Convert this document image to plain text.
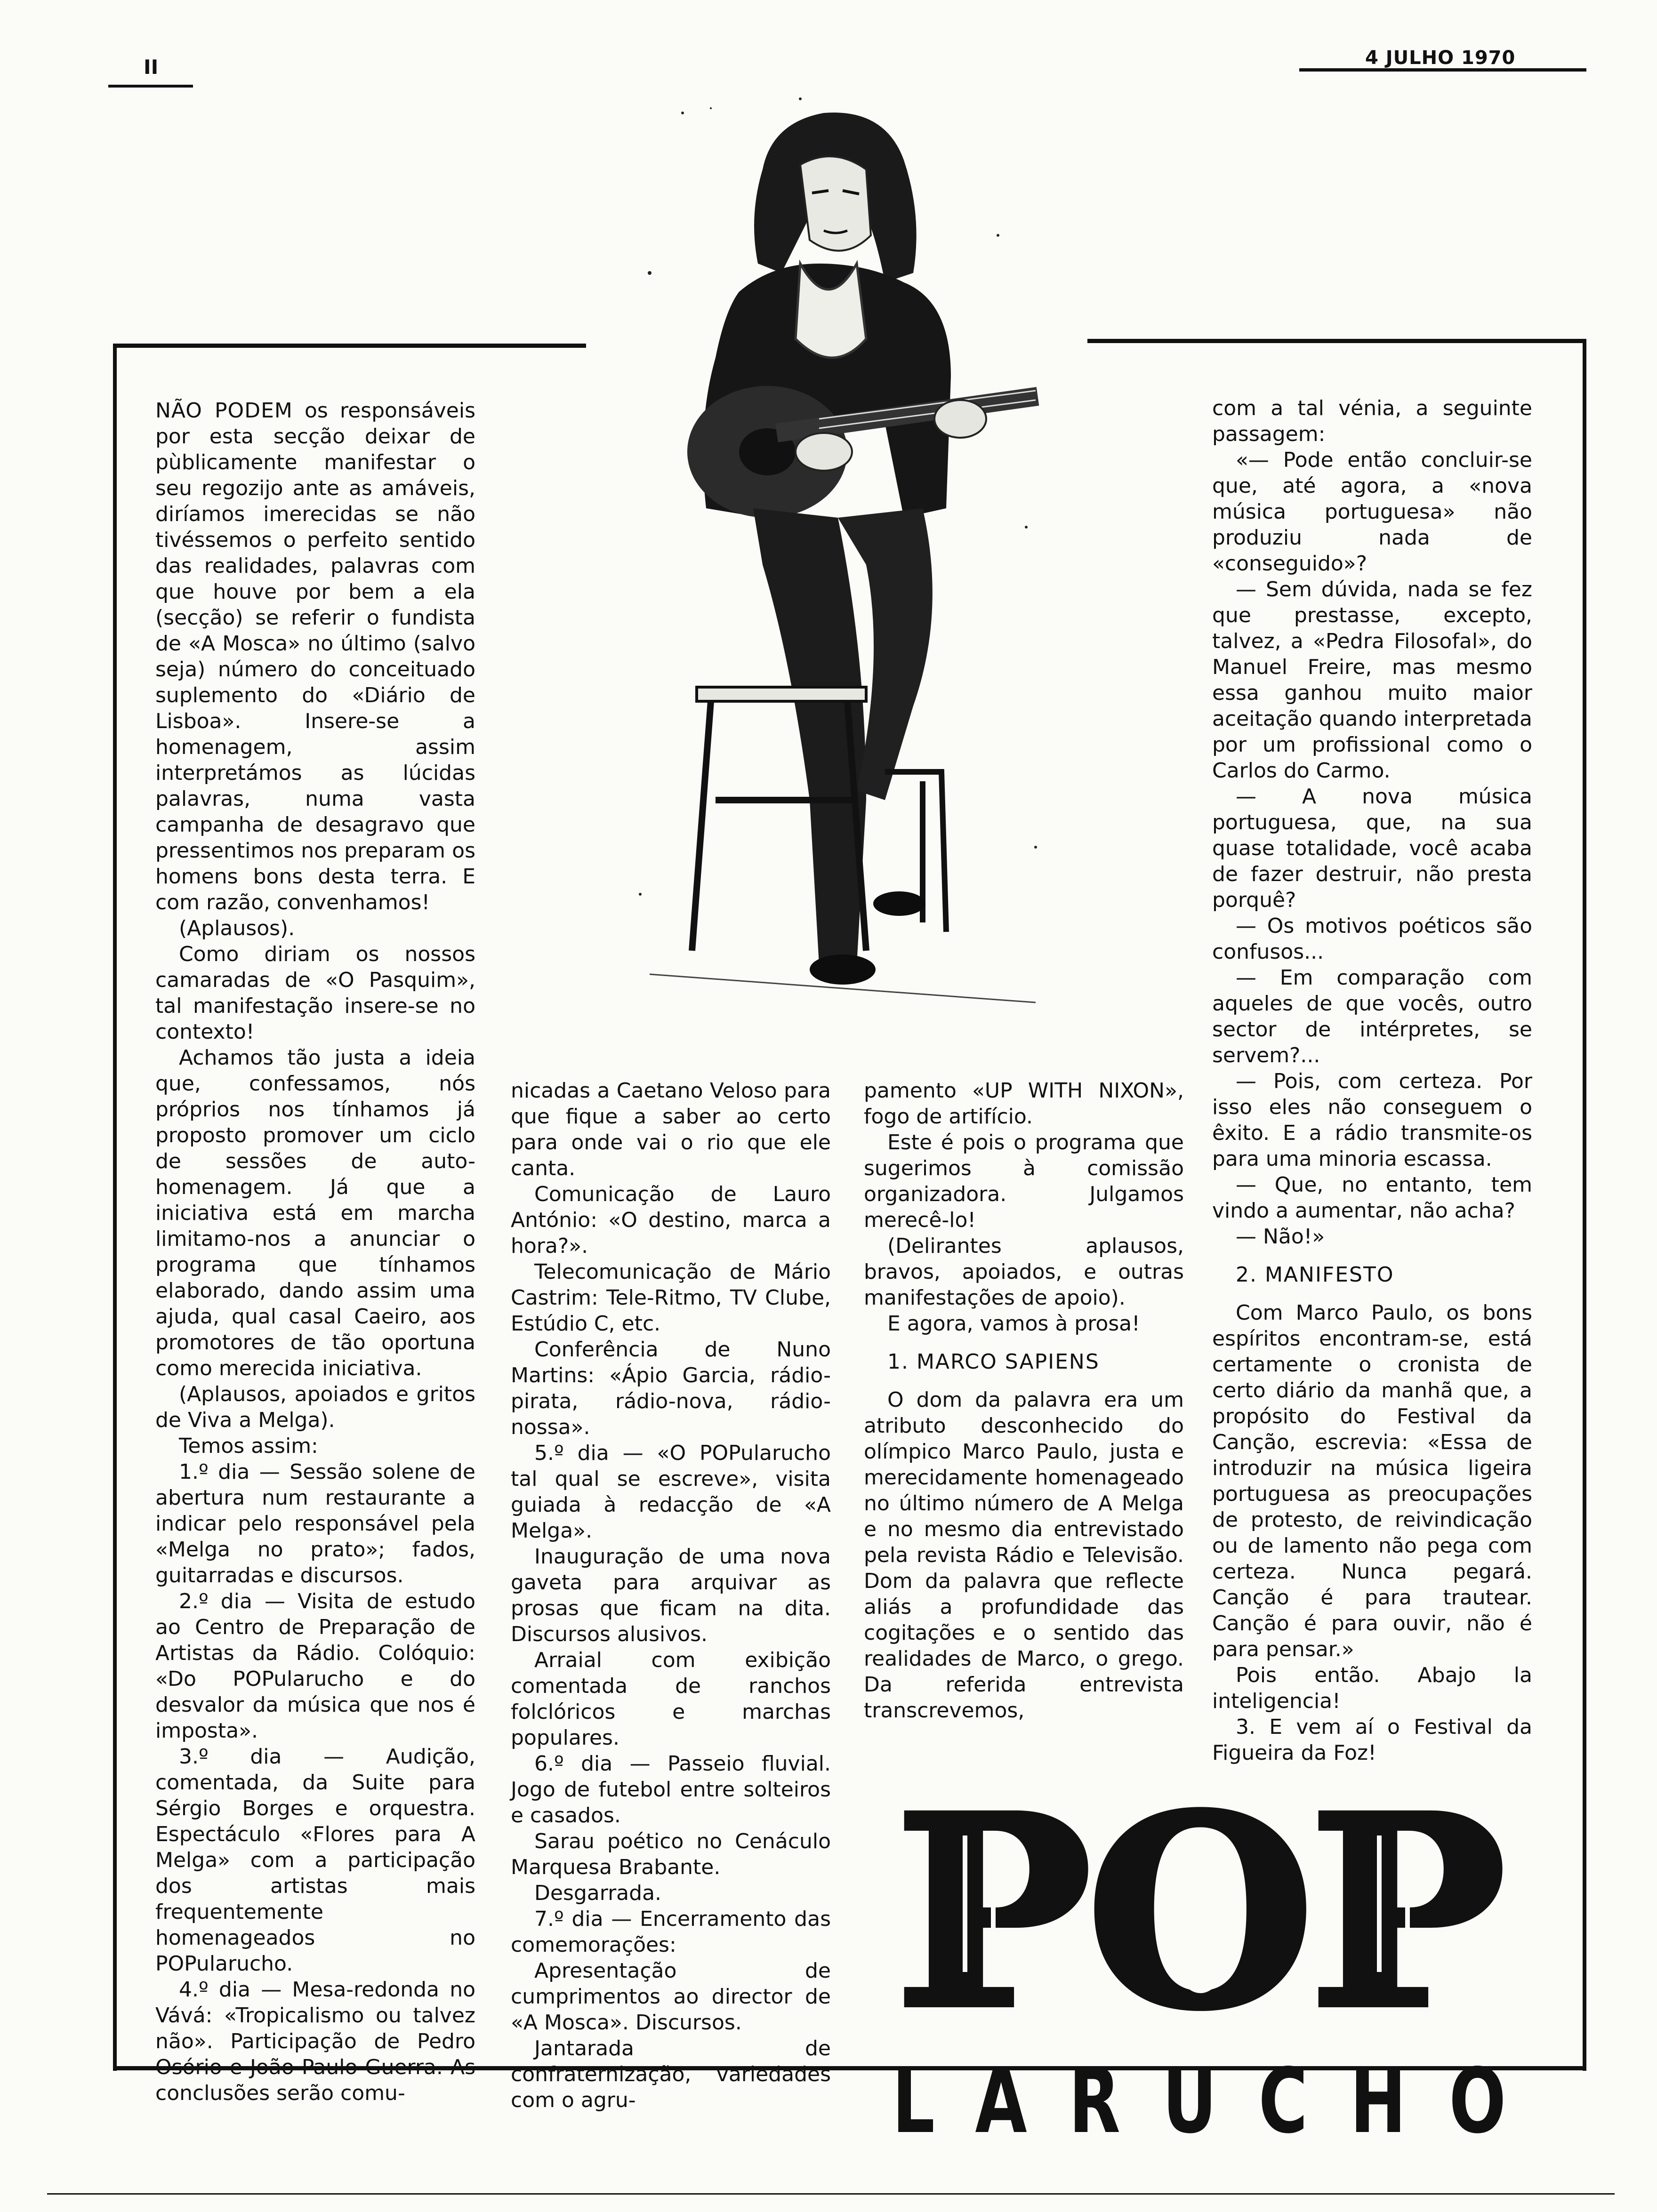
II	4 JULHO 1970

NÃO PODEM os responsáveis por esta secção deixar de pùblicamente manifestar o seu regozijo ante as amáveis, diríamos imerecidas se não tivéssemos o perfeito sentido das realidades, palavras com que houve por bem a ela (secção) se referir o fundista de «A Mosca» no último (salvo seja) número do conceituado suplemento do «Diário de Lisboa». Insere-se a homenagem, assim interpretámos as lúcidas palavras, numa vasta campanha de desagravo que pressentimos nos preparam os homens bons desta terra. E com razão, convenhamos!

(Aplausos).

Como diriam os nossos camaradas de «O Pasquim», tal manifestação insere-se no contexto!

Achamos tão justa a ideia que, confessamos, nós próprios nos tínhamos já proposto promover um ciclo de sessões de auto-homenagem. Já que a iniciativa está em marcha limitamo-nos a anunciar o programa que tínhamos elaborado, dando assim uma ajuda, qual casal Caeiro, aos promotores de tão oportuna como merecida iniciativa.

(Aplausos, apoiados e gritos de Viva a Melga).

Temos assim:

1.º dia — Sessão solene de abertura num restaurante a indicar pelo responsável pela «Melga no prato»; fados, guitarradas e discursos.

2.º dia — Visita de estudo ao Centro de Preparação de Artistas da Rádio. Colóquio: «Do POPularucho e do desvalor da música que nos é imposta».

3.º dia — Audição, comentada, da Suite para Sérgio Borges e orquestra. Espectáculo «Flores para A Melga» com a participação dos artistas mais frequentemente homenageados no POPularucho.

4.º dia — Mesa-redonda no Vává: «Tropicalismo ou talvez não». Participação de Pedro Osório e João Paulo Guerra. As conclusões serão comu-

nicadas a Caetano Veloso para que fique a saber ao certo para onde vai o rio que ele canta.

Comunicação de Lauro António: «O destino, marca a hora?».

Telecomunicação de Mário Castrim: Tele-Ritmo, TV Clube, Estúdio C, etc.

Conferência de Nuno Martins: «Ápio Garcia, rádio-pirata, rádio-nova, rádio-nossa».

5.º dia — «O POPularucho tal qual se escreve», visita guiada à redacção de «A Melga».

Inauguração de uma nova gaveta para arquivar as prosas que ficam na dita. Discursos alusivos.

Arraial com exibição comentada de ranchos folclóricos e marchas populares.

6.º dia — Passeio fluvial. Jogo de futebol entre solteiros e casados.

Sarau poético no Cenáculo Marquesa Brabante.

Desgarrada.

7.º dia — Encerramento das comemorações:

Apresentação de cumprimentos ao director de «A Mosca». Discursos.

Jantarada de confraternização, variedades com o agru-

pamento «UP WITH NIXON», fogo de artifício.

Este é pois o programa que sugerimos à comissão organizadora. Julgamos merecê-lo!

(Delirantes aplausos, bravos, apoiados, e outras manifestações de apoio).

E agora, vamos à prosa!

1. MARCO SAPIENS

O dom da palavra era um atributo desconhecido do olímpico Marco Paulo, justa e merecidamente homenageado no último número de A Melga e no mesmo dia entrevistado pela revista Rádio e Televisão. Dom da palavra que reflecte aliás a profundidade das cogitações e o sentido das realidades de Marco, o grego. Da referida entrevista transcrevemos,

com a tal vénia, a seguinte passagem:

«— Pode então concluir-se que, até agora, a «nova música portuguesa» não produziu nada de «conseguido»?

— Sem dúvida, nada se fez que prestasse, excepto, talvez, a «Pedra Filosofal», do Manuel Freire, mas mesmo essa ganhou muito maior aceitação quando interpretada por um profissional como o Carlos do Carmo.

— A nova música portuguesa, que, na sua quase totalidade, você acaba de fazer destruir, não presta porquê?

— Os motivos poéticos são confusos...

— Em comparação com aqueles de que vocês, outro sector de intérpretes, se servem?...

— Pois, com certeza. Por isso eles não conseguem o êxito. E a rádio transmite-os para uma minoria escassa.

— Que, no entanto, tem vindo a aumentar, não acha?

— Não!»

2. MANIFESTO

Com Marco Paulo, os bons espíritos encontram-se, está certamente o cronista de certo diário da manhã que, a propósito do Festival da Canção, escrevia: «Essa de introduzir na música ligeira portuguesa as preocupações de protesto, de reivindicação ou de lamento não pega com certeza. Nunca pegará. Canção é para trautear. Canção é para ouvir, não é para pensar.»

Pois então. Abajo la inteligencia!

3. E vem aí o Festival da Figueira da Foz!

P
O
P
L A R U C H O
